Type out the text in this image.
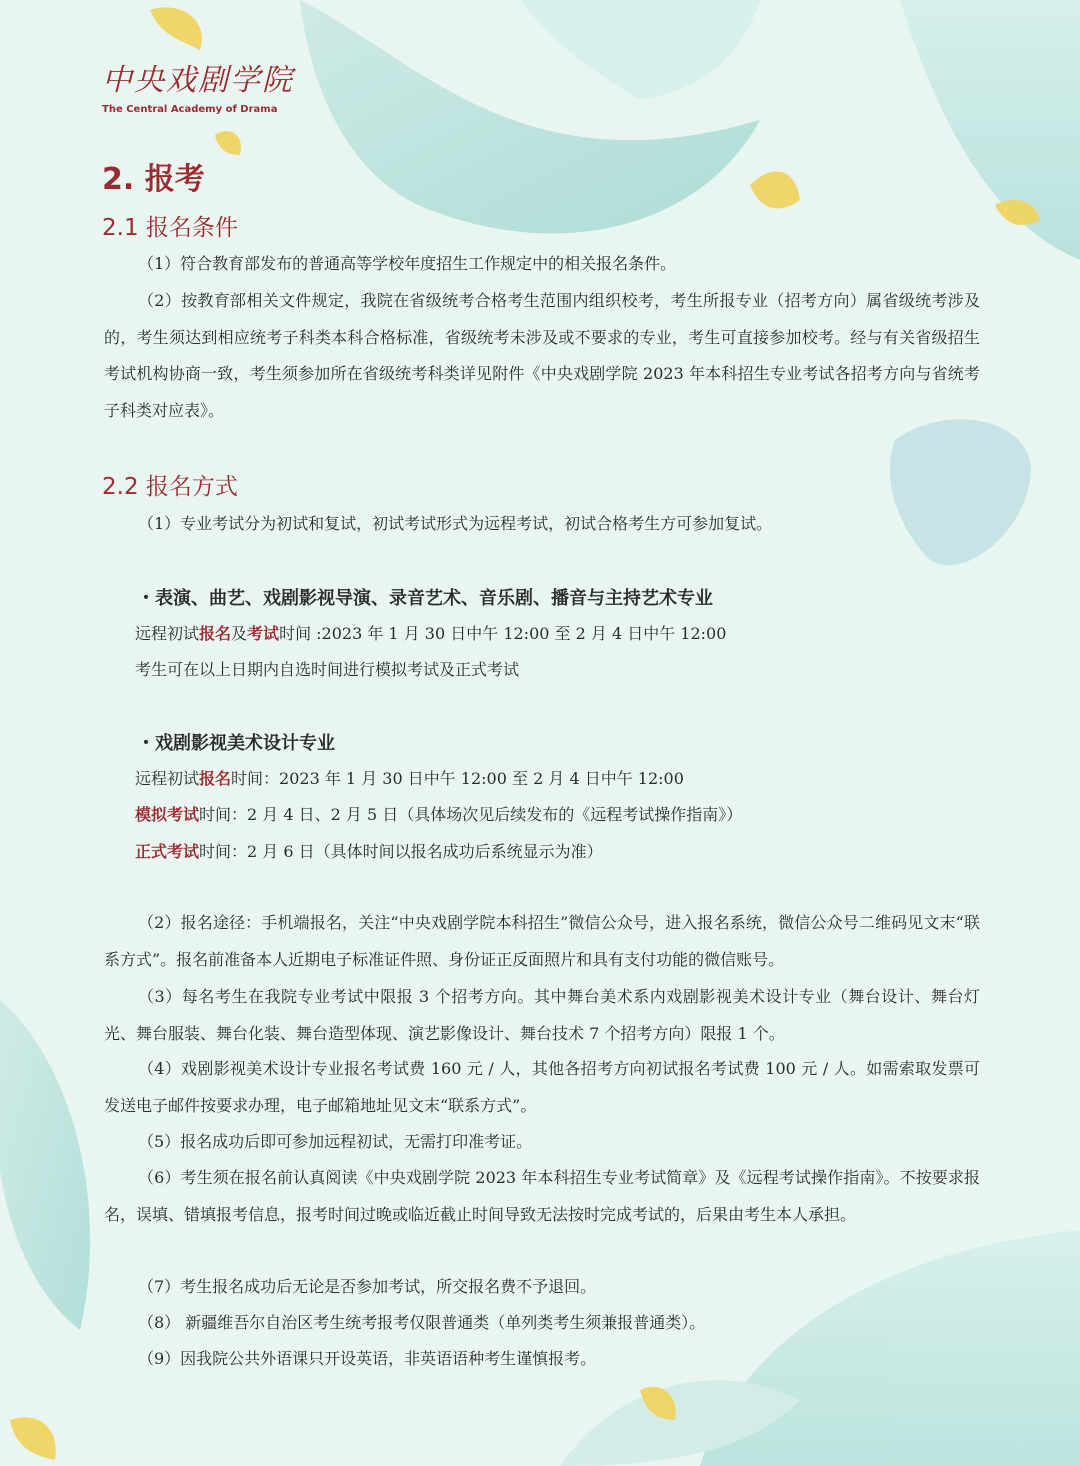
中央戏剧学院
The Central Academy of Drama
2. 报考
2.1 报名条件

（1）符合教育部发布的普通高等学校年度招生工作规定中的相关报名条件。

（2）按教育部相关文件规定，我院在省级统考合格考生范围内组织校考，考生所报专业（招考方向）属省级统考涉及的，考生须达到相应统考子科类本科合格标准，省级统考未涉及或不要求的专业，考生可直接参加校考。经与有关省级招生考试机构协商一致，考生须参加所在省级统考科类详见附件《中央戏剧学院 2023 年本科招生专业考试各招考方向与省统考子科类对应表》。

2.2 报名方式

（1）专业考试分为初试和复试，初试考试形式为远程考试，初试合格考生方可参加复试。

・表演、曲艺、戏剧影视导演、录音艺术、音乐剧、播音与主持艺术专业
远程初试报名及考试时间 :2023 年 1 月 30 日中午 12:00 至 2 月 4 日中午 12:00
考生可在以上日期内自选时间进行模拟考试及正式考试
・戏剧影视美术设计专业
远程初试报名时间：2023 年 1 月 30 日中午 12:00 至 2 月 4 日中午 12:00
模拟考试时间：2 月 4 日、2 月 5 日（具体场次见后续发布的《远程考试操作指南》）
正式考试时间：2 月 6 日（具体时间以报名成功后系统显示为准）

（2）报名途径：手机端报名，关注“中央戏剧学院本科招生”微信公众号，进入报名系统，微信公众号二维码见文末“联系方式”。报名前准备本人近期电子标准证件照、身份证正反面照片和具有支付功能的微信账号。

（3）每名考生在我院专业考试中限报 3 个招考方向。其中舞台美术系内戏剧影视美术设计专业（舞台设计、舞台灯光、舞台服装、舞台化装、舞台造型体现、演艺影像设计、舞台技术 7 个招考方向）限报 1 个。

（4）戏剧影视美术设计专业报名考试费 160 元 / 人，其他各招考方向初试报名考试费 100 元 / 人。如需索取发票可发送电子邮件按要求办理，电子邮箱地址见文末“联系方式”。

（5）报名成功后即可参加远程初试，无需打印准考证。

（6）考生须在报名前认真阅读《中央戏剧学院 2023 年本科招生专业考试简章》及《远程考试操作指南》。不按要求报名，误填、错填报考信息，报考时间过晚或临近截止时间导致无法按时完成考试的，后果由考生本人承担。

（7）考生报名成功后无论是否参加考试，所交报名费不予退回。

（8） 新疆维吾尔自治区考生统考报考仅限普通类（单列类考生须兼报普通类）。

（9）因我院公共外语课只开设英语，非英语语种考生谨慎报考。
